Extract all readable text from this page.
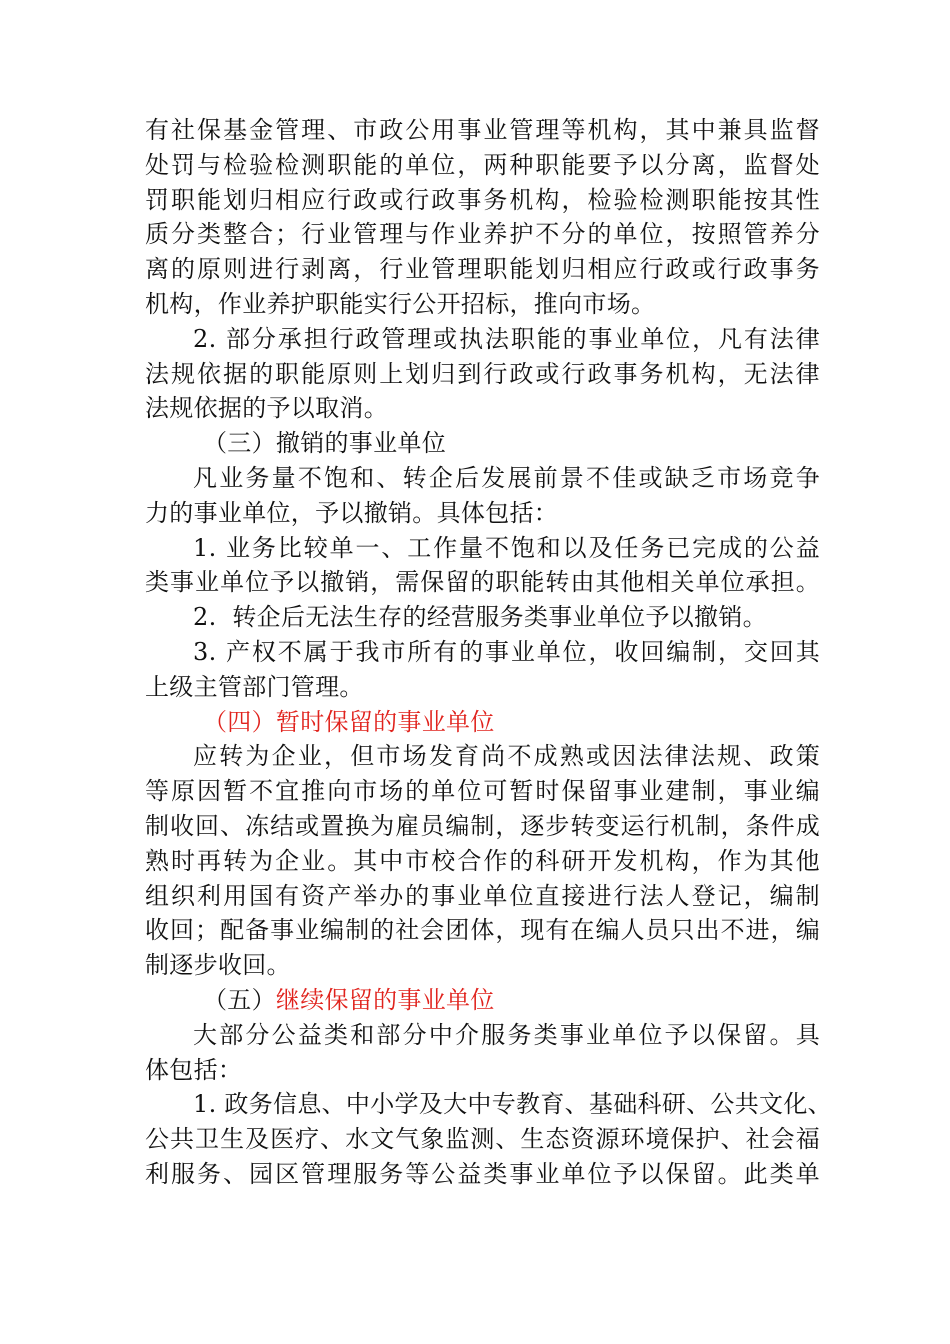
有社保基金管理、市政公用事业管理等机构，其中兼具监督
处罚与检验检测职能的单位，两种职能要予以分离，监督处
罚职能划归相应行政或行政事务机构，检验检测职能按其性
质分类整合；行业管理与作业养护不分的单位，按照管养分
离的原则进行剥离，行业管理职能划归相应行政或行政事务
机构，作业养护职能实行公开招标，推向市场。
2. 部分承担行政管理或执法职能的事业单位，凡有法律
法规依据的职能原则上划归到行政或行政事务机构，无法律
法规依据的予以取消。
（三）撤销的事业单位
凡业务量不饱和、转企后发展前景不佳或缺乏市场竞争
力的事业单位，予以撤销。具体包括：
1. 业务比较单一、工作量不饱和以及任务已完成的公益
类事业单位予以撤销，需保留的职能转由其他相关单位承担。
2.  转企后无法生存的经营服务类事业单位予以撤销。
3. 产权不属于我市所有的事业单位，收回编制，交回其
上级主管部门管理。
（四）暂时保留的事业单位
应转为企业，但市场发育尚不成熟或因法律法规、政策
等原因暂不宜推向市场的单位可暂时保留事业建制，事业编
制收回、冻结或置换为雇员编制，逐步转变运行机制，条件成
熟时再转为企业。其中市校合作的科研开发机构，作为其他
组织利用国有资产举办的事业单位直接进行法人登记，编制
收回；配备事业编制的社会团体，现有在编人员只出不进，编
制逐步收回。
（五）继续保留的事业单位
大部分公益类和部分中介服务类事业单位予以保留。具
体包括：
1. 政务信息、中小学及大中专教育、基础科研、公共文化、
公共卫生及医疗、水文气象监测、生态资源环境保护、社会福
利服务、园区管理服务等公益类事业单位予以保留。此类单
